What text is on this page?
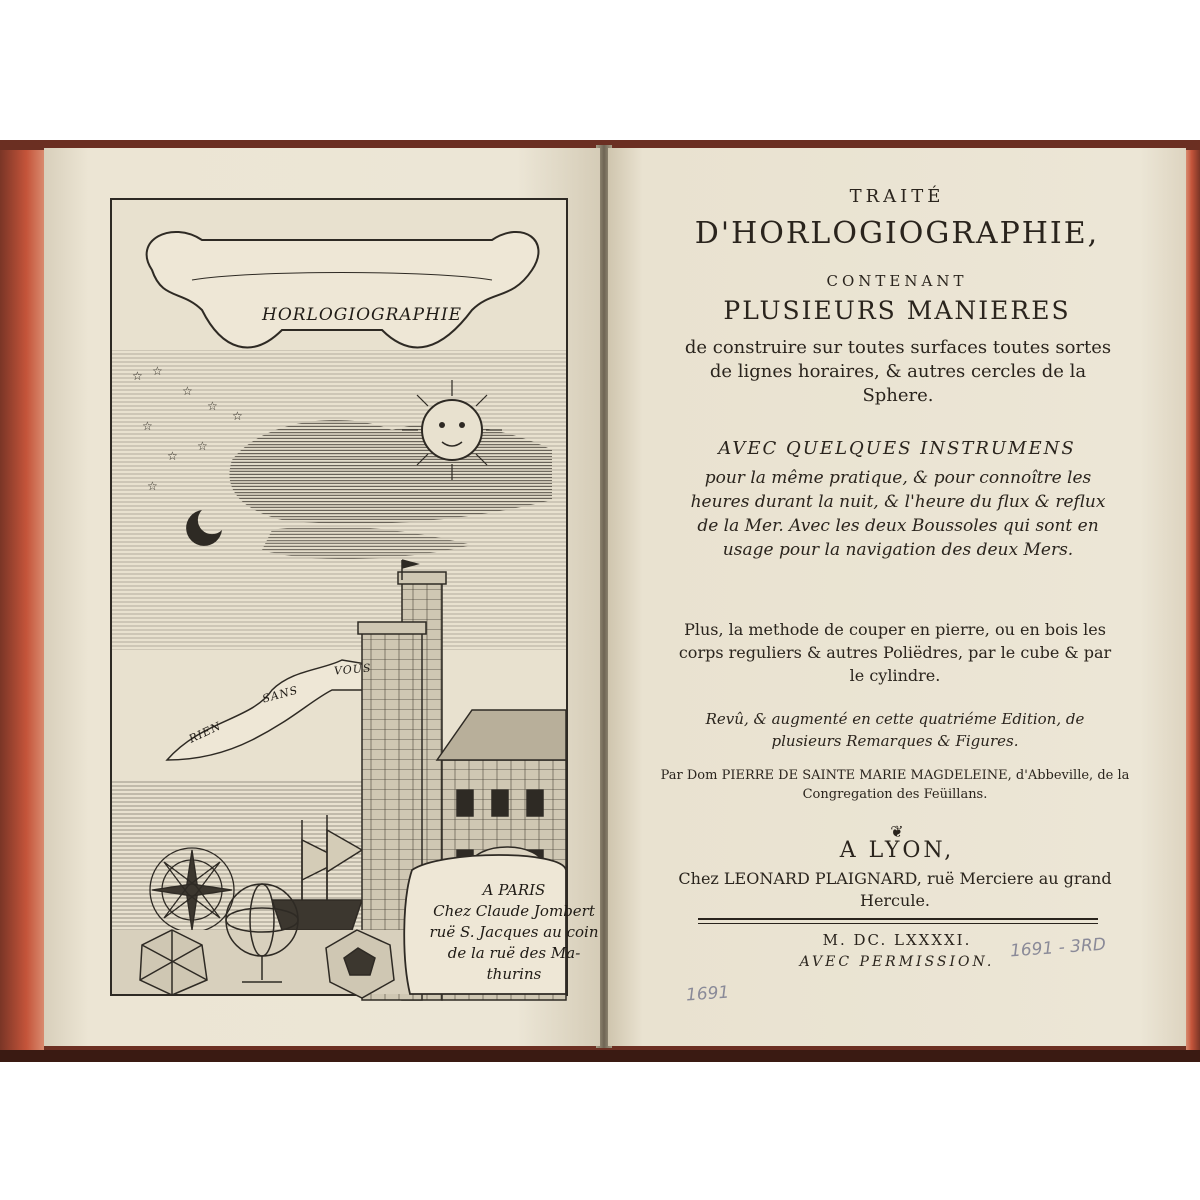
☆ ☆
☆
☆
☆
☆
☆
☆
☆
HORLOGIOGRAPHIE
RIEN
SANS
VOUS
A PARIS
Chez Claude Jombert
ruë S. Jacques au coin
de la ruë des Ma-
thurins
TRAITÉ
D'HORLOGIOGRAPHIE,
CONTENANT
PLUSIEURS MANIERES
de construire sur toutes surfaces toutes sortes de lignes horaires, & autres cercles de la Sphere.
AVEC QUELQUES INSTRUMENS
pour la même pratique, & pour connoître les heures durant la nuit, & l'heure du flux & reflux de la Mer. Avec les deux Boussoles qui sont en usage pour la navigation des deux Mers.
Plus, la methode de couper en pierre, ou en bois les corps reguliers & autres Poliëdres, par le cube & par le cylindre.
Revû, & augmenté en cette quatriéme Edition, de plusieurs Remarques & Figures.
Par Dom PIERRE DE SAINTE MARIE MAGDELEINE, d'Abbeville, de la Congregation des Feüillans.
❦
A LYON,
Chez LEONARD PLAIGNARD, ruë Merciere au grand Hercule.
M. DC. LXXXXI.
AVEC PERMISSION.
1691 - 3RD
1691
